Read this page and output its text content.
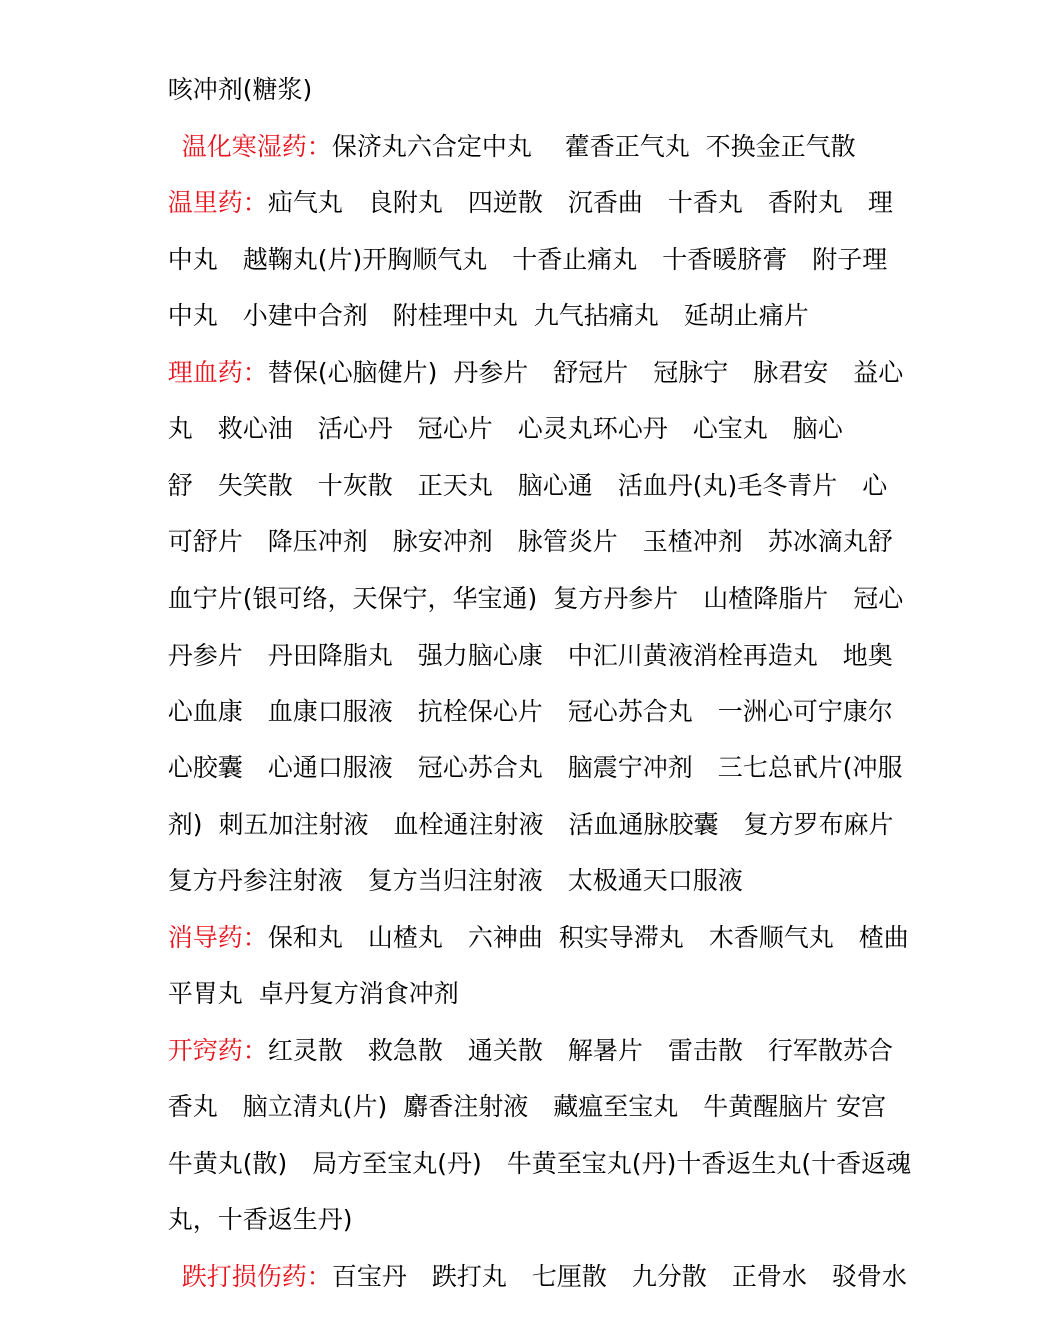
咳冲剂(糖浆)

温化寒湿药：保济丸六合定中丸　 藿香正气丸  不换金正气散

温里药：疝气丸　良附丸　四逆散　沉香曲　十香丸　香附丸　理

中丸　越鞠丸(片)开胸顺气丸　十香止痛丸　十香暖脐膏　附子理

中丸　小建中合剂　附桂理中丸  九气拈痛丸　延胡止痛片

理血药：替保(心脑健片)  丹参片　舒冠片　冠脉宁　脉君安　益心

丸　救心油　活心丹　冠心片　心灵丸环心丹　心宝丸　脑心

舒　失笑散　十灰散　正天丸　脑心通　活血丹(丸)毛冬青片　心

可舒片　降压冲剂　脉安冲剂　脉管炎片　玉楂冲剂　苏冰滴丸舒

血宁片(银可络，天保宁，华宝通)  复方丹参片　山楂降脂片　冠心

丹参片　丹田降脂丸　强力脑心康　中汇川黄液消栓再造丸　地奥

心血康　血康口服液　抗栓保心片　冠心苏合丸　一洲心可宁康尔

心胶囊　心通口服液　冠心苏合丸　脑震宁冲剂　三七总甙片(冲服

剂)  刺五加注射液　血栓通注射液　活血通脉胶囊　复方罗布麻片

复方丹参注射液　复方当归注射液　太极通天口服液

消导药：保和丸　山楂丸　六神曲  积实导滞丸　木香顺气丸　楂曲

平胃丸  卓丹复方消食冲剂

开窍药：红灵散　救急散　通关散　解暑片　雷击散　行军散苏合

香丸　脑立清丸(片)  麝香注射液　藏瘟至宝丸　牛黄醒脑片 安宫

牛黄丸(散)　局方至宝丸(丹)　牛黄至宝丸(丹)十香返生丸(十香返魂

丸，十香返生丹)

跌打损伤药：百宝丹　跌打丸　七厘散　九分散　正骨水　驳骨水
